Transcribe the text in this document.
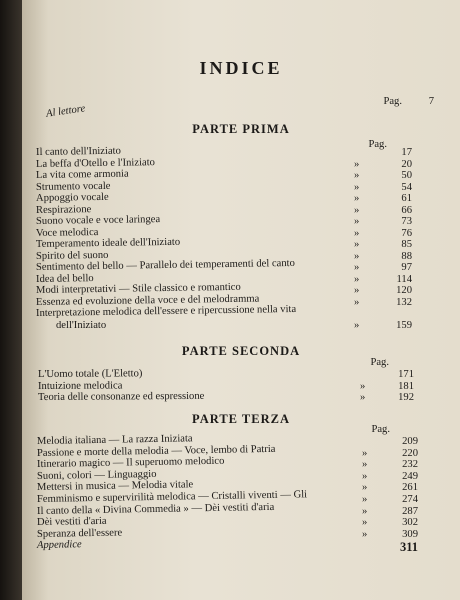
INDICE
Al lettore
Pag.	7
PARTE PRIMA
Pag.
Il canto dell'Iniziato	17
La beffa d'Otello e l'Iniziato	»	20
La vita come armonia	»	50
Strumento vocale	»	54
Appoggio vocale	»	61
Respirazione	»	66
Suono vocale e voce laringea	»	73
Voce melodica	»	76
Temperamento ideale dell'Iniziato	»	85
Spirito del suono	»	88
Sentimento del bello — Parallelo dei temperamenti del canto	»	97
Idea del bello	»	114
Modi interpretativi — Stile classico e romantico	»	120
Essenza ed evoluzione della voce e del melodramma	»	132
Interpretazione melodica dell'essere e ripercussione nella vita
dell'Iniziato	»	159
PARTE SECONDA
Pag.
L'Uomo totale (L'Eletto)	171
Intuizione melodica	»	181
Teoria delle consonanze ed espressione	»	192
PARTE TERZA
Pag.
Melodia italiana — La razza Iniziata	209
Passione e morte della melodia — Voce, lembo di Patria	»	220
Itinerario magico — Il superuomo melodico	»	232
Suoni, colori — Linguaggio	»	249
Mettersi in musica — Melodia vitale	»	261
Femminismo e supervirilità melodica — Cristalli viventi — Gli	»	274
Il canto della « Divina Commedia » — Dèi vestiti d'aria	»	287
Dèi vestiti d'aria	»	302
Speranza dell'essere	»	309
Appendice	311
